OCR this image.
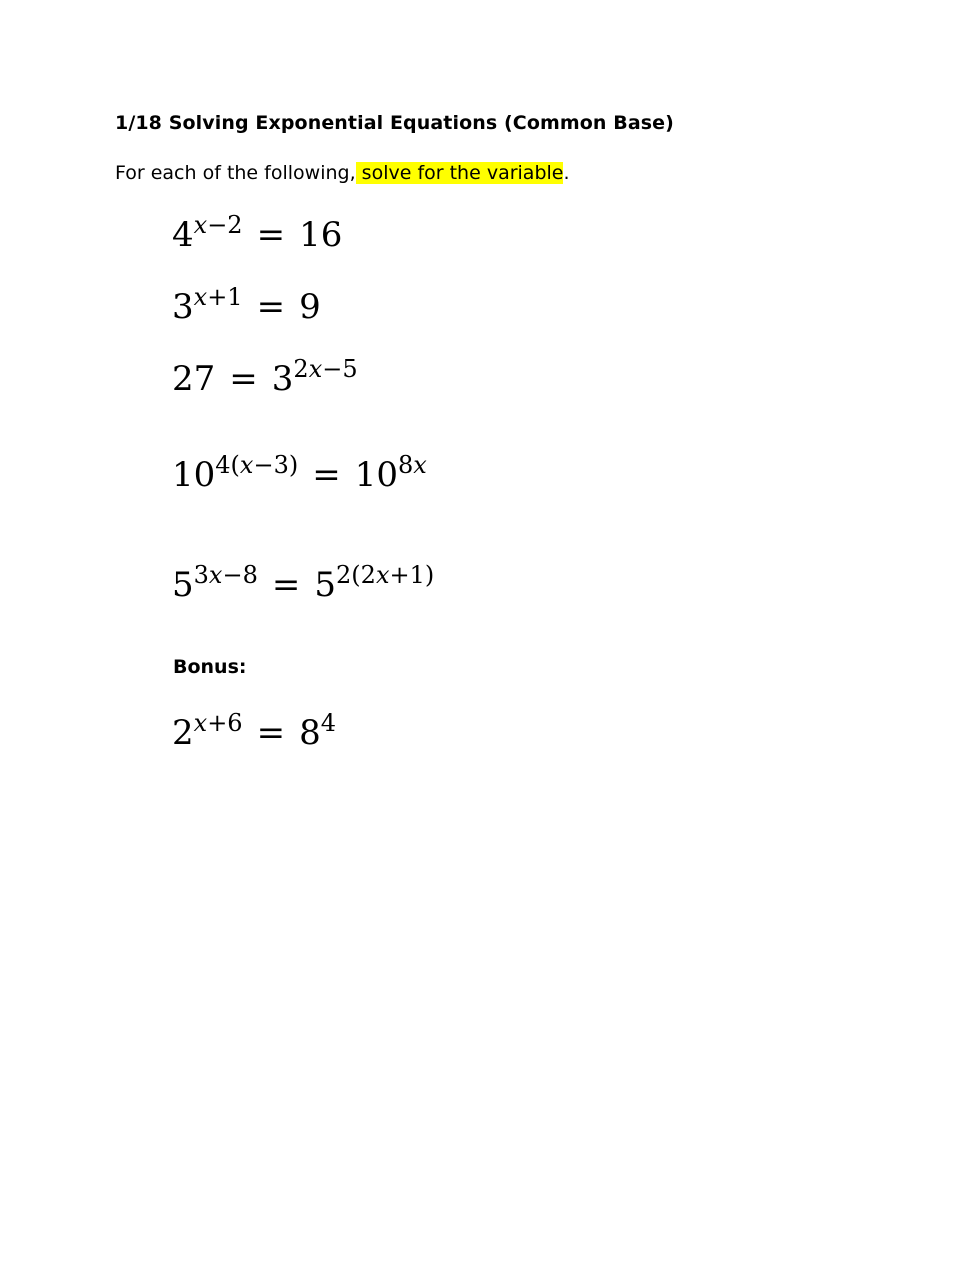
1/18 Solving Exponential Equations (Common Base)
For each of the following, solve for the variable.
$4^{x-2} = 16$
$3^{x+1} = 9$
$27 = 3^{2x-5}$
$10^{4(x-3)} = 10^{8x}$
$5^{3x-8} = 5^{2(2x+1)}$
Bonus:
$2^{x+6} = 8^4$
